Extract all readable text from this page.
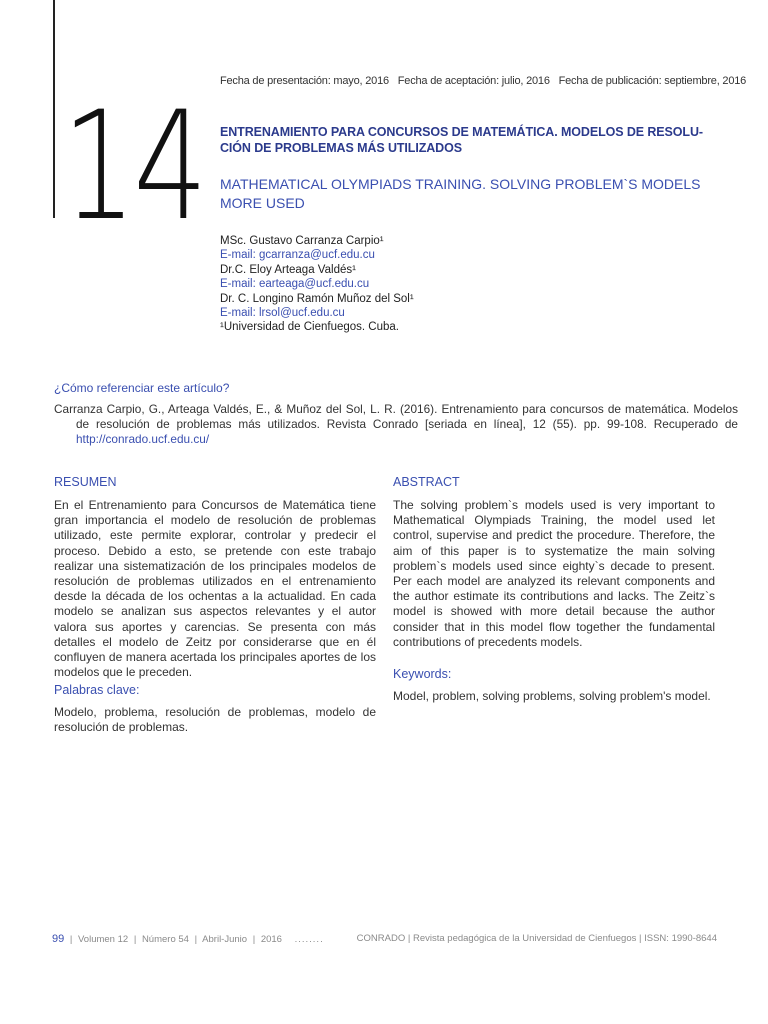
14 Fecha de presentación: mayo, 2016 Fecha de aceptación: julio, 2016 Fecha de publicación: septiembre, 2016
ENTRENAMIENTO PARA CONCURSOS DE MATEMÁTICA. MODELOS DE RESOLU-
CIÓN DE PROBLEMAS MÁS UTILIZADOS
MATHEMATICAL OLYMPIADS TRAINING. SOLVING PROBLEM`S MODELS
MORE USED
MSc. Gustavo Carranza Carpio¹
E-mail: gcarranza@ucf.edu.cu
Dr.C. Eloy Arteaga Valdés¹
E-mail: earteaga@ucf.edu.cu
Dr. C. Longino Ramón Muñoz del Sol¹
E-mail: lrsol@ucf.edu.cu
¹Universidad de Cienfuegos. Cuba.
¿Cómo referenciar este artículo?
Carranza Carpio, G., Arteaga Valdés, E., & Muñoz del Sol, L. R. (2016). Entrenamiento para concursos de matemática. Modelos de resolución de problemas más utilizados. Revista Conrado [seriada en línea], 12 (55). pp. 99-108. Recuperado de http://conrado.ucf.edu.cu/
RESUMEN
En el Entrenamiento para Concursos de Matemática tiene gran importancia el modelo de resolución de problemas utilizado, este permite explorar, controlar y predecir el proceso. Debido a esto, se pretende con este trabajo realizar una sistematización de los principales modelos de resolución de problemas utilizados en el entrenamiento desde la década de los ochentas a la actualidad. En cada modelo se analizan sus aspectos relevantes y el autor valora sus aportes y carencias. Se presenta con más detalles el modelo de Zeitz por considerarse que en él confluyen de manera acertada los principales aportes de los modelos que le preceden.
Palabras clave:
Modelo, problema, resolución de problemas, modelo de resolución de problemas.
ABSTRACT
The solving problem`s models used is very important to Mathematical Olympiads Training, the model used let control, supervise and predict the procedure. Therefore, the aim of this paper is to systematize the main solving problem`s models used since eighty`s decade to present. Per each model are analyzed its relevant components and the author estimate its contributions and lacks. The Zeitz`s model is showed with more detail because the author consider that in this model flow together the fundamental contributions of precedents models.
Keywords:
Model, problem, solving problems, solving problem's model.
99 | Volumen 12 | Número 54 | Abril-Junio | 2016 ........	CONRADO | Revista pedagógica de la Universidad de Cienfuegos | ISSN: 1990-8644
